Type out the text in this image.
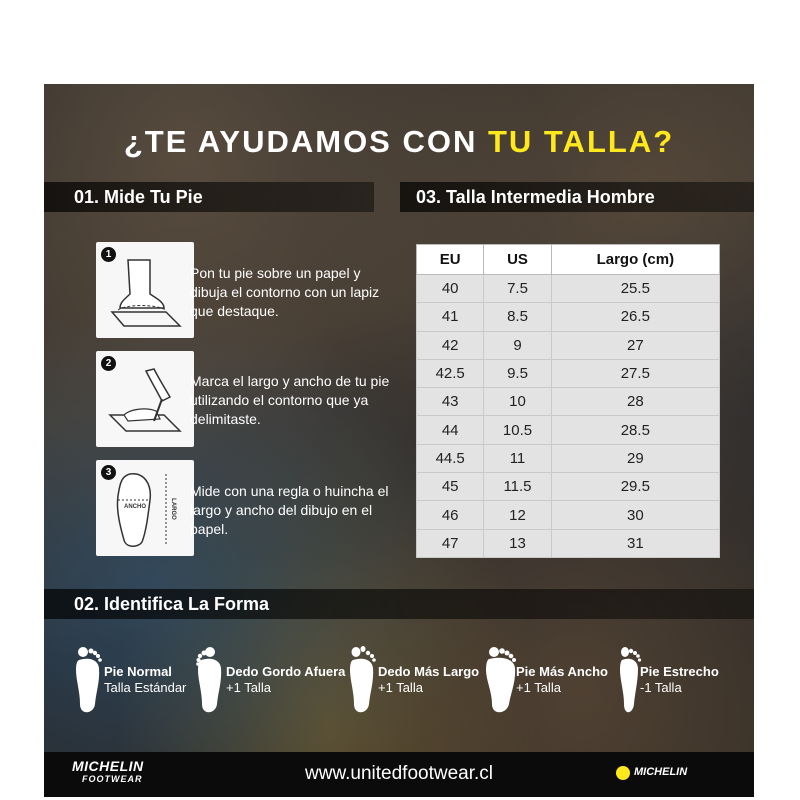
¿TE AYUDAMOS CON TU TALLA?
01. Mide Tu Pie	03. Talla Intermedia Hombre
1
Pon tu pie sobre un papel y dibuja el contorno con un lapiz que destaque.
2
Marca el largo y ancho de tu pie utilizando el contorno que ya delimitaste.
3
ANCHO	LARGO
Mide con una regla o huincha el largo y ancho del dibujo en el papel.
EU	US	Largo (cm)
40	7.5	25.5
41	8.5	26.5
42	9	27
42.5	9.5	27.5
43	10	28
44	10.5	28.5
44.5	11	29
45	11.5	29.5
46	12	30
47	13	31
02. Identifica La Forma
Pie Normal
Talla Estándar
Dedo Gordo Afuera
+1 Talla
Dedo Más Largo
+1 Talla
Pie Más Ancho
+1 Talla
Pie Estrecho
-1 Talla
MICHELIN
FOOTWEAR	www.unitedfootwear.cl	MICHELIN
